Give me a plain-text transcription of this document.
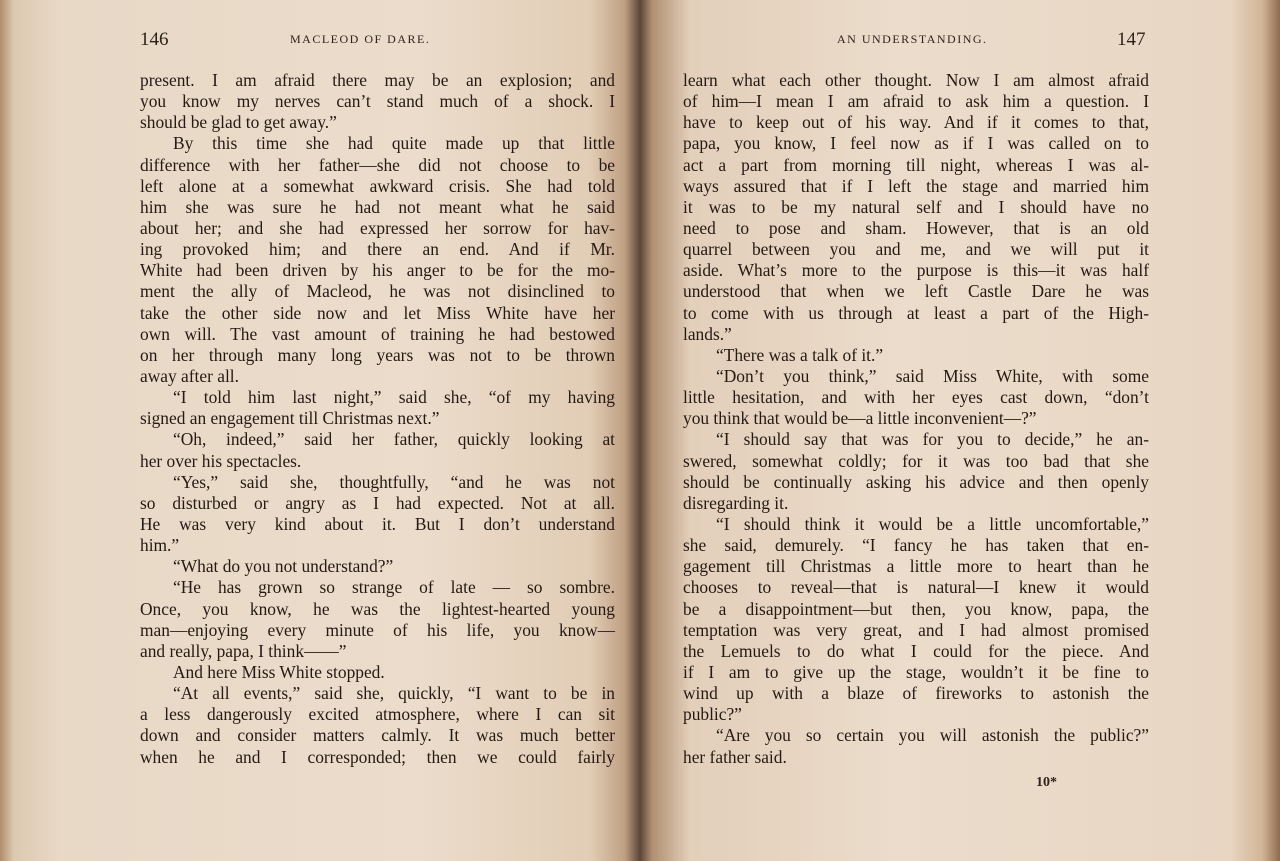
146	MACLEOD OF DARE.
present. I am afraid there may be an explosion; and
you know my nerves can’t stand much of a shock. I
should be glad to get away.”
By this time she had quite made up that little
difference with her father—she did not choose to be
left alone at a somewhat awkward crisis. She had told
him she was sure he had not meant what he said
about her; and she had expressed her sorrow for hav-
ing provoked him; and there an end. And if Mr.
White had been driven by his anger to be for the mo-
ment the ally of Macleod, he was not disinclined to
take the other side now and let Miss White have her
own will. The vast amount of training he had bestowed
on her through many long years was not to be thrown
away after all.
“I told him last night,” said she, “of my having
signed an engagement till Christmas next.”
“Oh, indeed,” said her father, quickly looking at
her over his spectacles.
“Yes,” said she, thoughtfully, “and he was not
so disturbed or angry as I had expected. Not at all.
He was very kind about it. But I don’t understand
him.”
“What do you not understand?”
“He has grown so strange of late — so sombre.
Once, you know, he was the lightest-hearted young
man—enjoying every minute of his life, you know—
and really, papa, I think——”
And here Miss White stopped.
“At all events,” said she, quickly, “I want to be in
a less dangerously excited atmosphere, where I can sit
down and consider matters calmly. It was much better
when he and I corresponded; then we could fairly
AN UNDERSTANDING.	147
learn what each other thought. Now I am almost afraid
of him—I mean I am afraid to ask him a question. I
have to keep out of his way. And if it comes to that,
papa, you know, I feel now as if I was called on to
act a part from morning till night, whereas I was al-
ways assured that if I left the stage and married him
it was to be my natural self and I should have no
need to pose and sham. However, that is an old
quarrel between you and me, and we will put it
aside. What’s more to the purpose is this—it was half
understood that when we left Castle Dare he was
to come with us through at least a part of the High-
lands.”
“There was a talk of it.”
“Don’t you think,” said Miss White, with some
little hesitation, and with her eyes cast down, “don’t
you think that would be—a little inconvenient—?”
“I should say that was for you to decide,” he an-
swered, somewhat coldly; for it was too bad that she
should be continually asking his advice and then openly
disregarding it.
“I should think it would be a little uncomfortable,”
she said, demurely. “I fancy he has taken that en-
gagement till Christmas a little more to heart than he
chooses to reveal—that is natural—I knew it would
be a disappointment—but then, you know, papa, the
temptation was very great, and I had almost promised
the Lemuels to do what I could for the piece. And
if I am to give up the stage, wouldn’t it be fine to
wind up with a blaze of fireworks to astonish the
public?”
“Are you so certain you will astonish the public?”
her father said.
10*
